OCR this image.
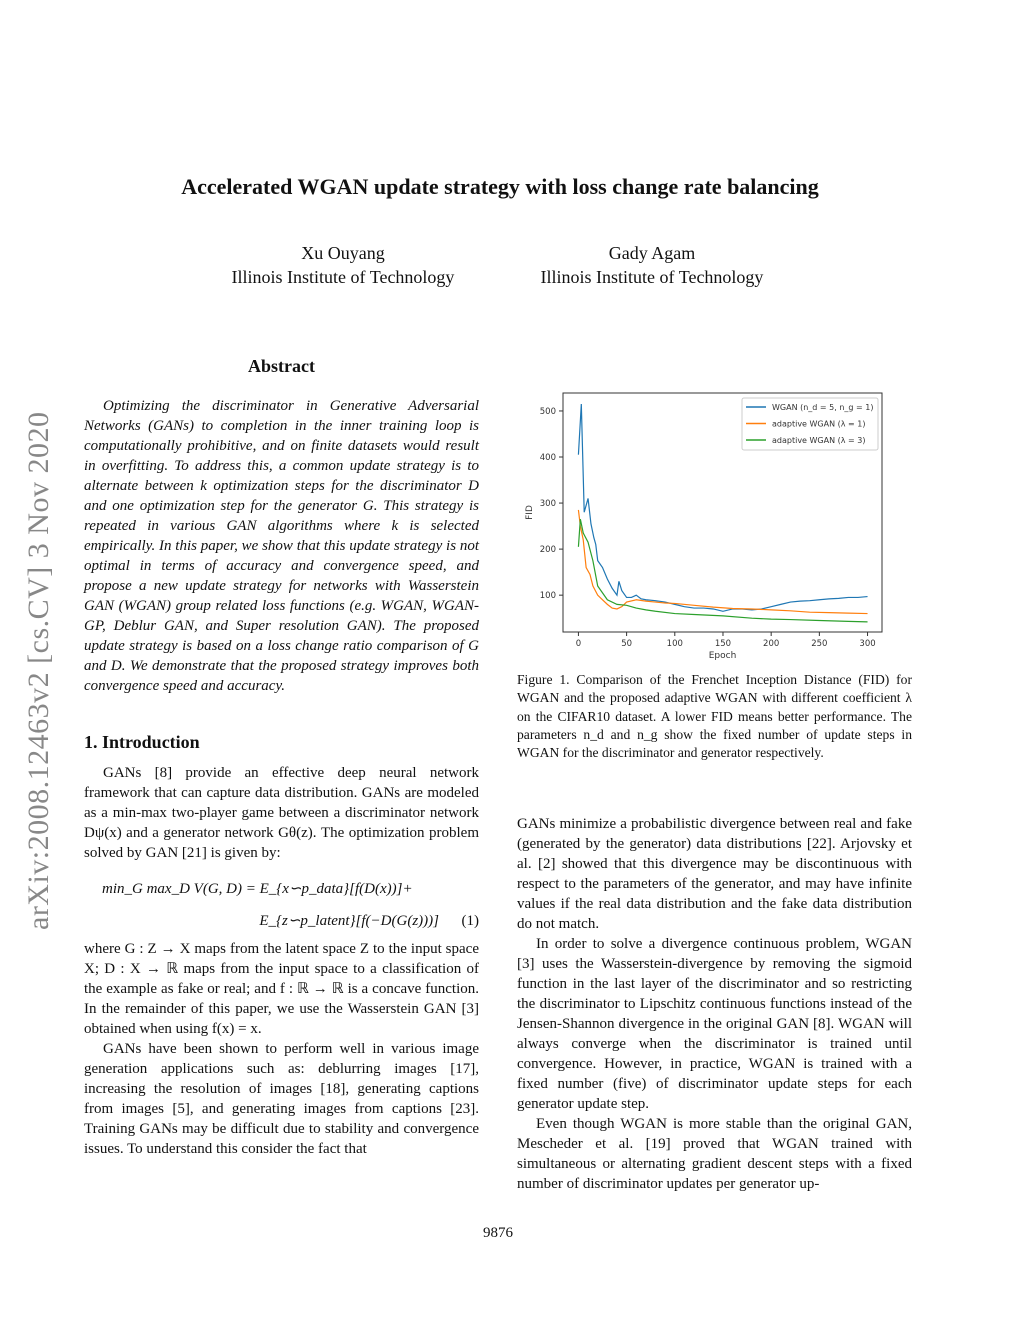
arXiv:2008.12463v2 [cs.CV] 3 Nov 2020
Accelerated WGAN update strategy with loss change rate balancing
Xu Ouyang
Illinois Institute of Technology
Gady Agam
Illinois Institute of Technology
Abstract

Optimizing the discriminator in Generative Adversarial Networks (GANs) to completion in the inner training loop is computationally prohibitive, and on finite datasets would result in overfitting. To address this, a common update strategy is to alternate between k optimization steps for the discriminator D and one optimization step for the generator G. This strategy is repeated in various GAN algorithms where k is selected empirically. In this paper, we show that this update strategy is not optimal in terms of accuracy and convergence speed, and propose a new update strategy for networks with Wasserstein GAN (WGAN) group related loss functions (e.g. WGAN, WGAN-GP, Deblur GAN, and Super resolution GAN). The proposed update strategy is based on a loss change ratio comparison of G and D. We demonstrate that the proposed strategy improves both convergence speed and accuracy.

1. Introduction

GANs [8] provide an effective deep neural network framework that can capture data distribution. GANs are modeled as a min-max two-player game between a discriminator network Dψ(x) and a generator network Gθ(z). The optimization problem solved by GAN [21] is given by:

min_G max_D V(G, D) = E_{x∽p_data}[f(D(x))]+
E_{z∽p_latent}[f(−D(G(z)))] (1)

where G : Z → X maps from the latent space Z to the input space X; D : X → ℝ maps from the input space to a classification of the example as fake or real; and f : ℝ → ℝ is a concave function. In the remainder of this paper, we use the Wasserstein GAN [3] obtained when using f(x) = x.

GANs have been shown to perform well in various image generation applications such as: deblurring images [17], increasing the resolution of images [18], generating captions from images [5], and generating images from captions [23]. Training GANs may be difficult due to stability and convergence issues. To understand this consider the fact that

0	50	100	150	200	250	300
100
200
300
400
500
Epoch
FID
WGAN (n_d = 5, n_g = 1)
adaptive WGAN (λ = 1)
adaptive WGAN (λ = 3)
Figure 1. Comparison of the Frenchet Inception Distance (FID) for WGAN and the proposed adaptive WGAN with different coefficient λ on the CIFAR10 dataset. A lower FID means better performance. The parameters n_d and n_g show the fixed number of update steps in WGAN for the discriminator and generator respectively.

GANs minimize a probabilistic divergence between real and fake (generated by the generator) data distributions [22]. Arjovsky et al. [2] showed that this divergence may be discontinuous with respect to the parameters of the generator, and may have infinite values if the real data distribution and the fake data distribution do not match.

In order to solve a divergence continuous problem, WGAN [3] uses the Wasserstein-divergence by removing the sigmoid function in the last layer of the discriminator and so restricting the discriminator to Lipschitz continuous functions instead of the Jensen-Shannon divergence in the original GAN [8]. WGAN will always converge when the discriminator is trained until convergence. However, in practice, WGAN is trained with a fixed number (five) of discriminator update steps for each generator update step.

Even though WGAN is more stable than the original GAN, Mescheder et al. [19] proved that WGAN trained with simultaneous or alternating gradient descent steps with a fixed number of discriminator updates per generator up-

9876
